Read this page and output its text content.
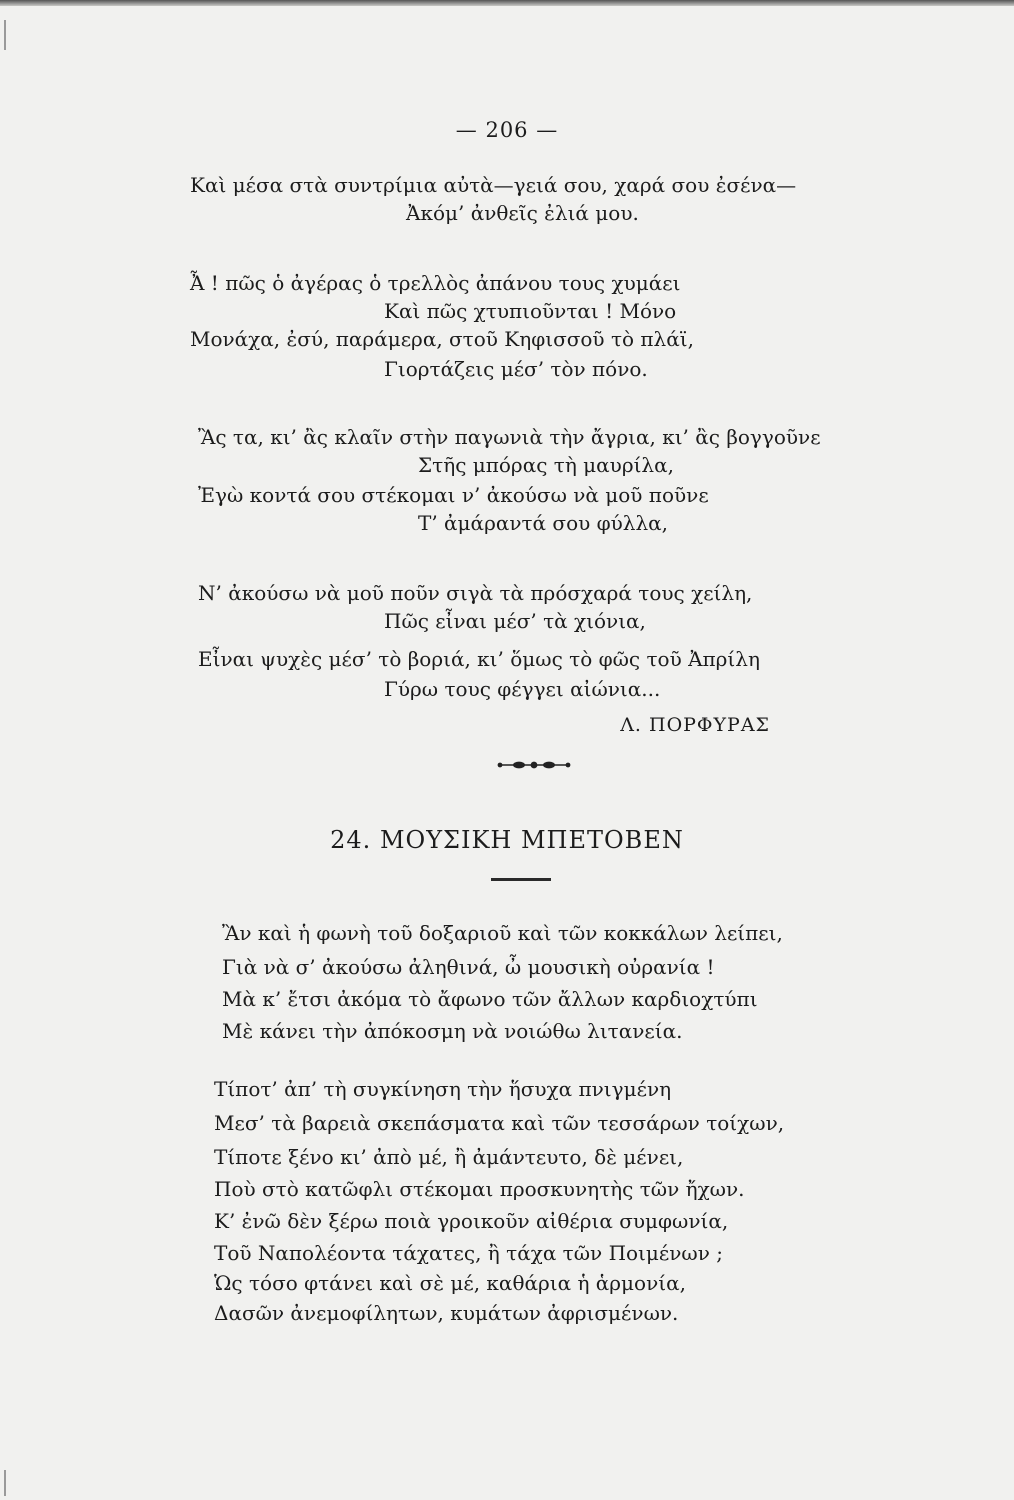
— 206 —
Καὶ μέσα στὰ συντρίμια αὐτὰ—γειά σου, χαρά σου ἐσένα—
Ἀκόμ’ ἀνθεῖς ἐλιά μου.
Ἆ ! πῶς ὁ ἀγέρας ὁ τρελλὸς ἀπάνου τους χυμάει
Καὶ πῶς χτυπιοῦνται ! Μόνο
Μονάχα, ἐσύ, παράμερα, στοῦ Κηφισσοῦ τὸ πλάϊ,
Γιορτάζεις μέσ’ τὸν πόνο.
Ἂς τα, κι’ ἂς κλαῖν στὴν παγωνιὰ τὴν ἄγρια, κι’ ἂς βογγοῦνε
Στῆς μπόρας τὴ μαυρίλα,
Ἐγὼ κοντά σου στέκομαι ν’ ἀκούσω νὰ μοῦ ποῦνε
Τ’ ἀμάραντά σου φύλλα,
Ν’ ἀκούσω νὰ μοῦ ποῦν σιγὰ τὰ πρόσχαρά τους χείλη,
Πῶς εἶναι μέσ’ τὰ χιόνια,
Εἶναι ψυχὲς μέσ’ τὸ βοριά, κι’ ὅμως τὸ φῶς τοῦ Ἀπρίλη
Γύρω τους φέγγει αἰώνια...
Λ. ΠΟΡΦΥΡΑΣ
24. ΜΟΥΣΙΚΗ ΜΠΕΤΟΒΕΝ
Ἂν καὶ ἡ φωνὴ τοῦ δοξαριοῦ καὶ τῶν κοκκάλων λείπει,
Γιὰ νὰ σ’ ἀκούσω ἀληθινά, ὦ μουσικὴ οὐρανία !
Μὰ κ’ ἔτσι ἀκόμα τὸ ἄφωνο τῶν ἄλλων καρδιοχτύπι
Μὲ κάνει τὴν ἀπόκοσμη νὰ νοιώθω λιτανεία.
Τίποτ’ ἀπ’ τὴ συγκίνηση τὴν ἥσυχα πνιγμένη
Μεσ’ τὰ βαρειὰ σκεπάσματα καὶ τῶν τεσσάρων τοίχων,
Τίποτε ξένο κι’ ἀπὸ μέ, ἢ ἀμάντευτο, δὲ μένει,
Ποὺ στὸ κατῶφλι στέκομαι προσκυνητὴς τῶν ἤχων.
Κ’ ἐνῶ δὲν ξέρω ποιὰ γροικοῦν αἰθέρια συμφωνία,
Τοῦ Ναπολέοντα τάχατες, ἢ τάχα τῶν Ποιμένων ;
Ὡς τόσο φτάνει καὶ σὲ μέ, καθάρια ἡ ἁρμονία,
Δασῶν ἀνεμοφίλητων, κυμάτων ἀφρισμένων.
